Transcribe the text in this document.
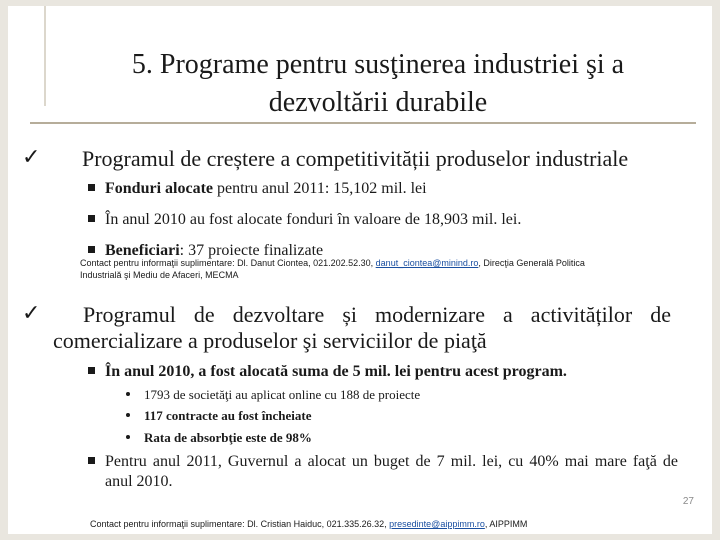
5. Programe pentru susţinerea industriei şi a
dezvoltării durabile
✓ Programul de creștere a competitivității produselor industriale
Fonduri alocate pentru anul 2011: 15,102 mil. lei
În anul 2010 au fost alocate fonduri în valoare de 18,903 mil. lei.
Beneficiari: 37 proiecte finalizate
Contact pentru informaţii suplimentare: Dl. Danut Ciontea, 021.202.52.30, danut_ciontea@minind.ro, Direcţia Generală Politica
Industrială şi Mediu de Afaceri, MECMA
✓	Programul de dezvoltare și modernizare a activităților de
comercializare a produselor şi serviciilor de piaţă
În anul 2010, a fost alocată suma de 5 mil. lei pentru acest program.
1793 de societăţi au aplicat online cu 188 de proiecte
117 contracte au fost încheiate
Rata de absorbţie este de 98%
Pentru anul 2011, Guvernul a alocat un buget de 7 mil. lei, cu 40% mai mare faţă de
anul 2010.
27
Contact pentru informaţii suplimentare: Dl. Cristian Haiduc, 021.335.26.32, presedinte@aippimm.ro, AIPPIMM
